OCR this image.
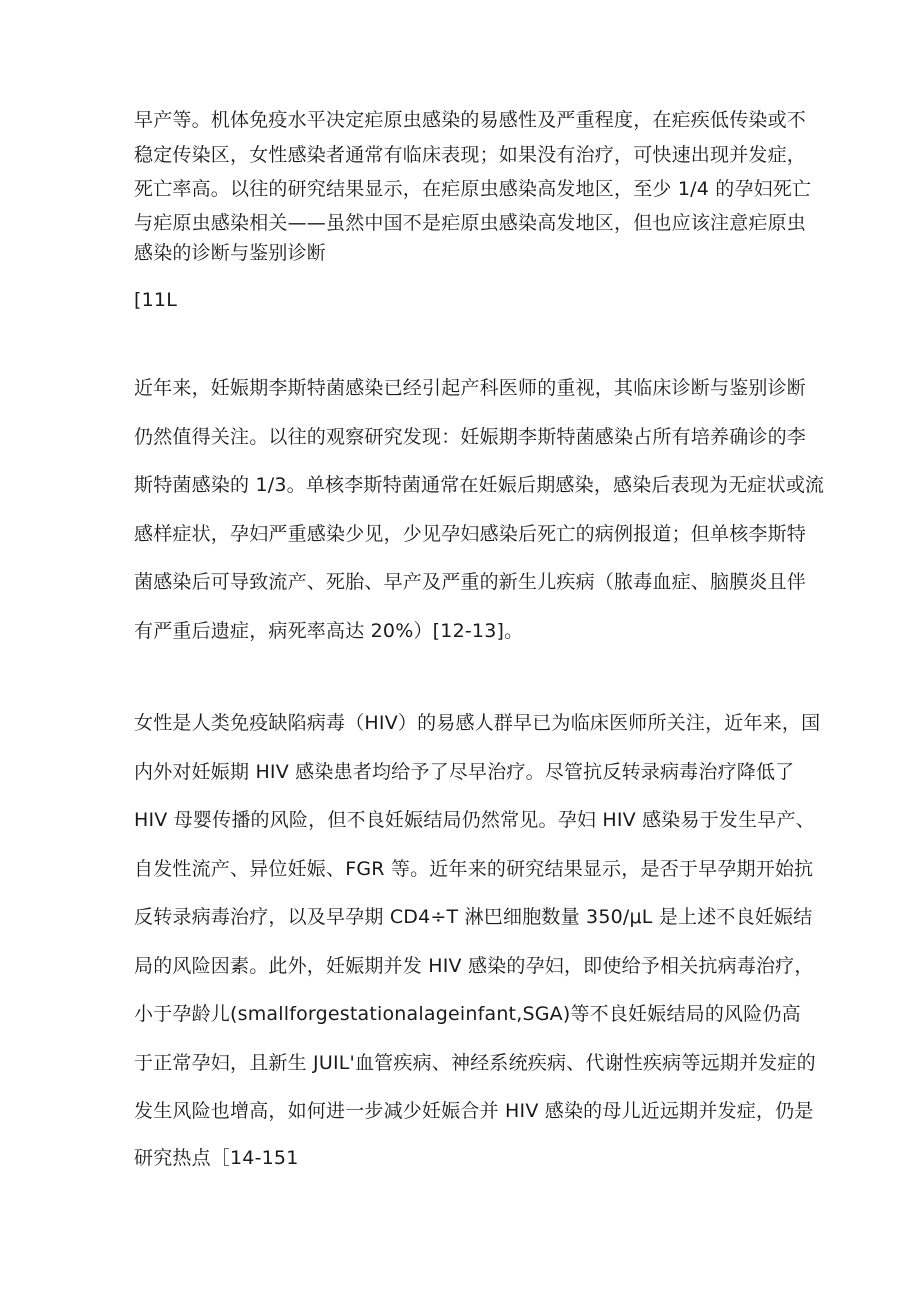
早产等。机体免疫水平决定疟原虫感染的易感性及严重程度，在疟疾低传染或不

稳定传染区，女性感染者通常有临床表现；如果没有治疗，可快速出现并发症，

死亡率高。以往的研究结果显示，在疟原虫感染高发地区，至少 1/4 的孕妇死亡

与疟原虫感染相关——虽然中国不是疟原虫感染高发地区，但也应该注意疟原虫

感染的诊断与鉴别诊断

[11L

近年来，妊娠期李斯特菌感染已经引起产科医师的重视，其临床诊断与鉴别诊断

仍然值得关注。以往的观察研究发现：妊娠期李斯特菌感染占所有培养确诊的李

斯特菌感染的 1/3。单核李斯特菌通常在妊娠后期感染，感染后表现为无症状或流

感样症状，孕妇严重感染少见，少见孕妇感染后死亡的病例报道；但单核李斯特

菌感染后可导致流产、死胎、早产及严重的新生儿疾病（脓毒血症、脑膜炎且伴

有严重后遗症，病死率高达 20%）[12-13]。

女性是人类免疫缺陷病毒（HIV）的易感人群早已为临床医师所关注，近年来，国

内外对妊娠期 HIV 感染患者均给予了尽早治疗。尽管抗反转录病毒治疗降低了

HIV 母婴传播的风险，但不良妊娠结局仍然常见。孕妇 HIV 感染易于发生早产、

自发性流产、异位妊娠、FGR 等。近年来的研究结果显示，是否于早孕期开始抗

反转录病毒治疗，以及早孕期 CD4÷T 淋巴细胞数量 350/μL 是上述不良妊娠结

局的风险因素。此外，妊娠期并发 HIV 感染的孕妇，即使给予相关抗病毒治疗，

小于孕龄儿(smallforgestationalageinfant,SGA)等不良妊娠结局的风险仍高

于正常孕妇，且新生 JUIL'血管疾病、神经系统疾病、代谢性疾病等远期并发症的

发生风险也增高，如何进一步减少妊娠合并 HIV 感染的母儿近远期并发症，仍是

研究热点［14-151
